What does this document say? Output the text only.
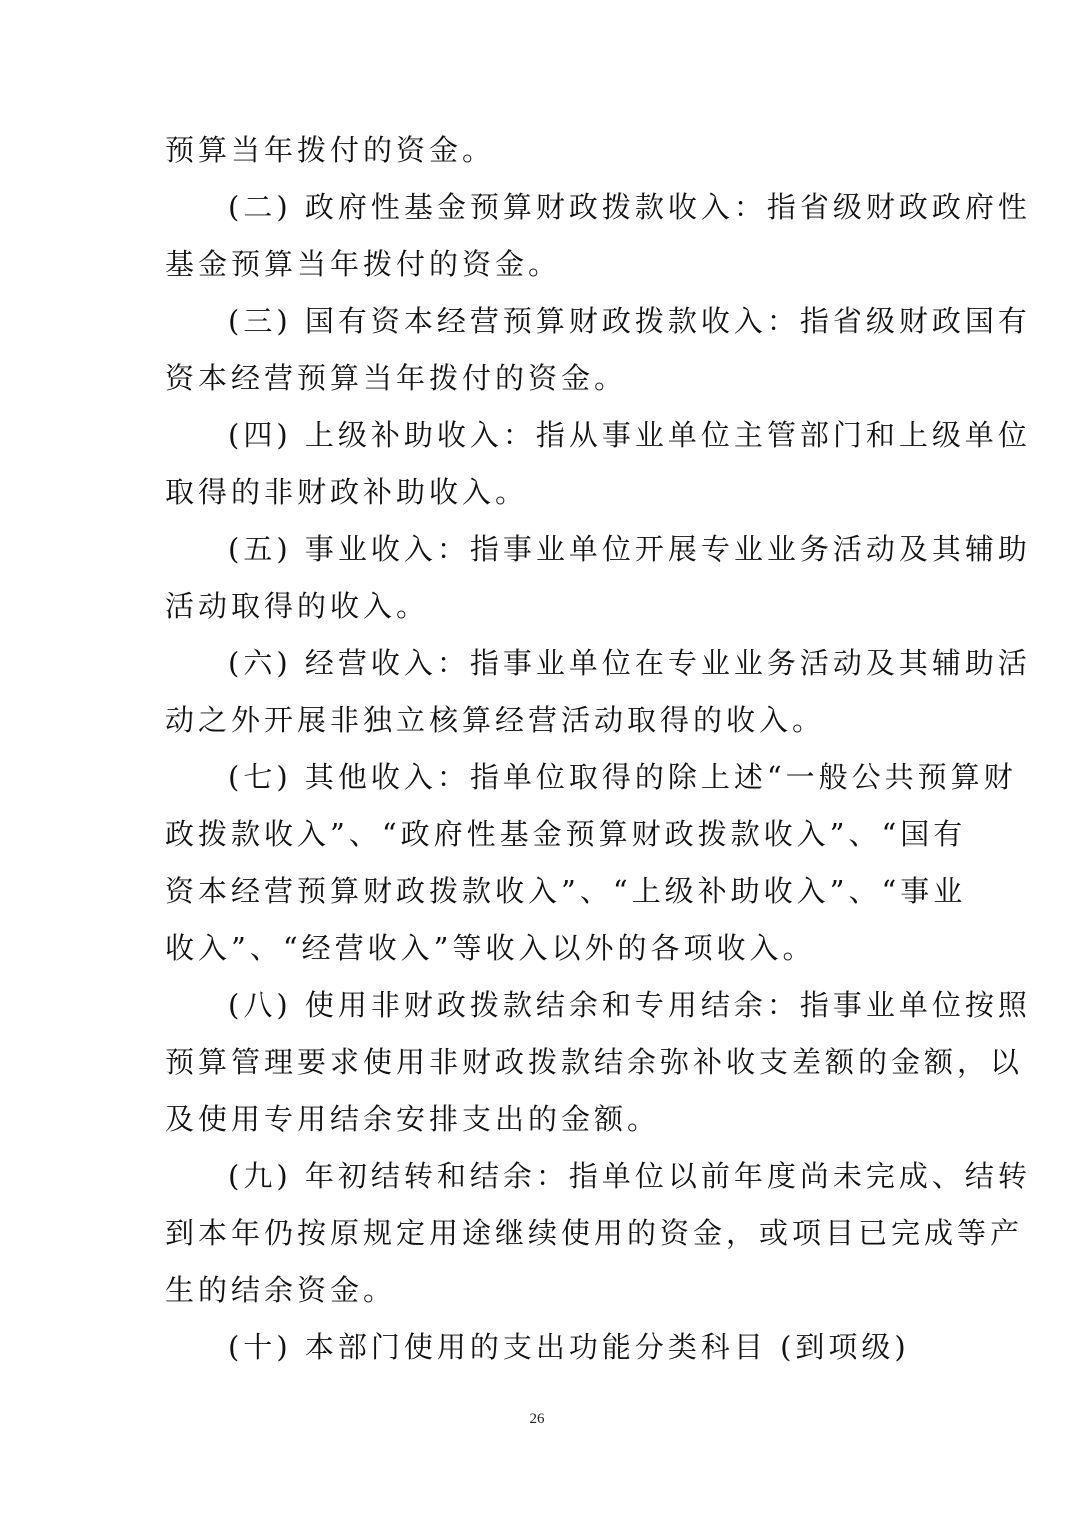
预算当年拨付的资金。
(二) 政府性基金预算财政拨款收入：指省级财政政府性
基金预算当年拨付的资金。
(三) 国有资本经营预算财政拨款收入：指省级财政国有
资本经营预算当年拨付的资金。
(四) 上级补助收入：指从事业单位主管部门和上级单位
取得的非财政补助收入。
(五) 事业收入：指事业单位开展专业业务活动及其辅助
活动取得的收入。
(六) 经营收入：指事业单位在专业业务活动及其辅助活
动之外开展非独立核算经营活动取得的收入。
(七) 其他收入：指单位取得的除上述“一般公共预算财
政拨款收入”、“政府性基金预算财政拨款收入”、“国有
资本经营预算财政拨款收入”、“上级补助收入”、“事业
收入”、“经营收入”等收入以外的各项收入。
(八) 使用非财政拨款结余和专用结余：指事业单位按照
预算管理要求使用非财政拨款结余弥补收支差额的金额，以
及使用专用结余安排支出的金额。
(九) 年初结转和结余：指单位以前年度尚未完成、结转
到本年仍按原规定用途继续使用的资金，或项目已完成等产
生的结余资金。
(十) 本部门使用的支出功能分类科目 (到项级)
26
